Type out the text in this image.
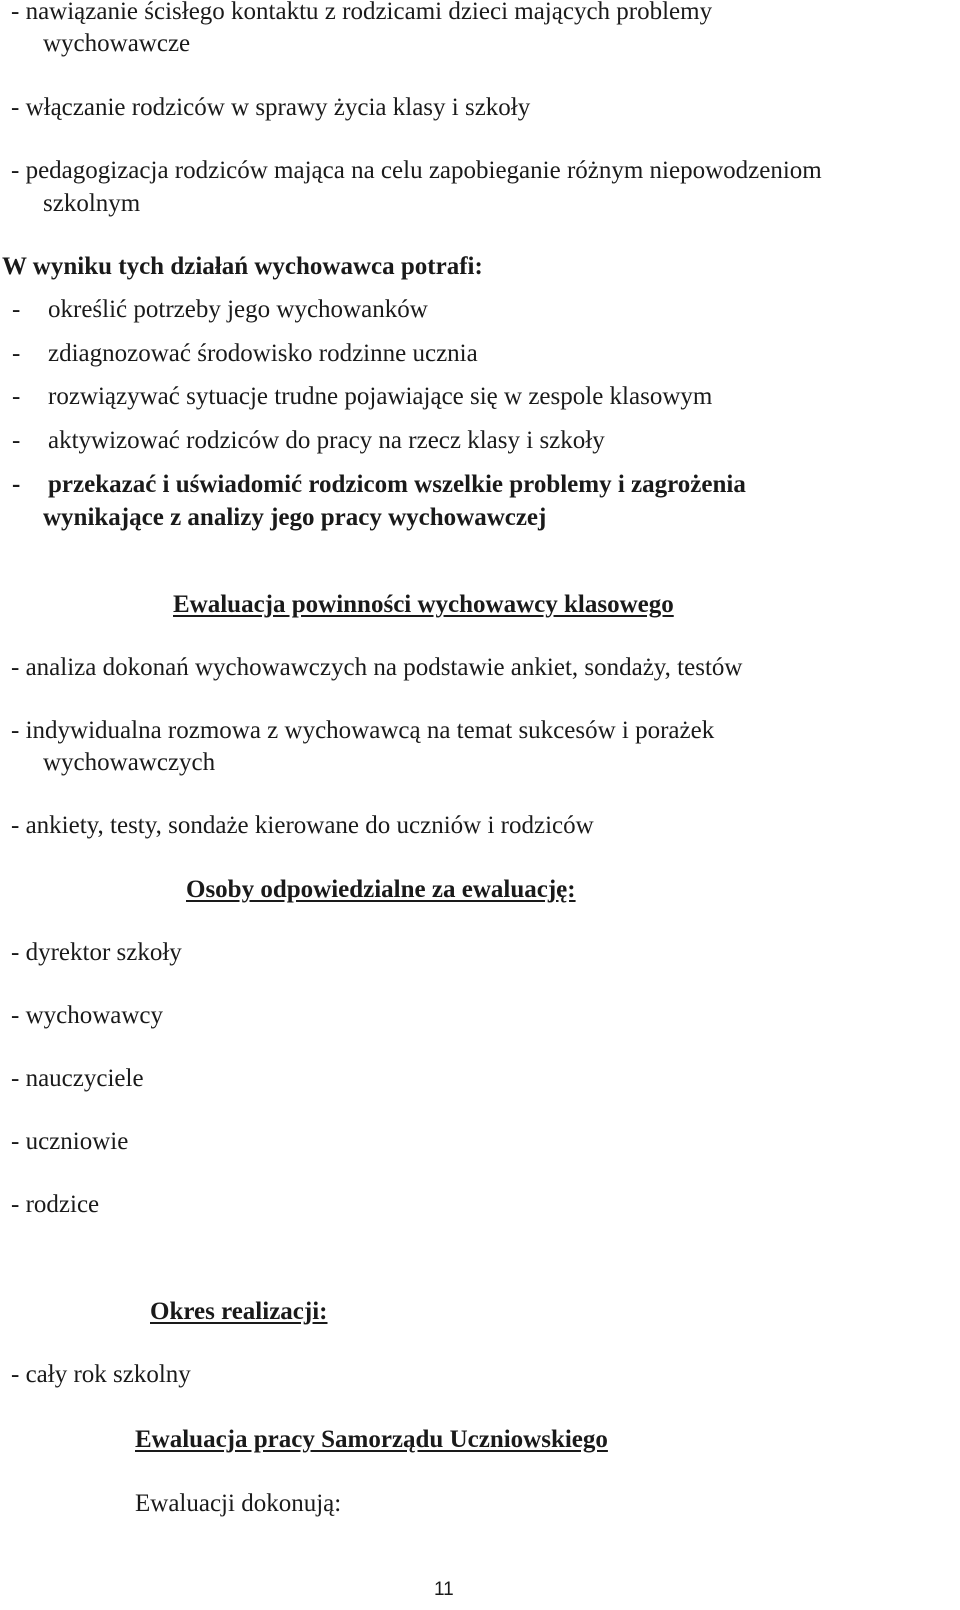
- nawiązanie ścisłego kontaktu z rodzicami dzieci mających problemy
wychowawcze
- włączanie rodziców w sprawy życia klasy i szkoły
- pedagogizacja rodziców mająca na celu zapobieganie różnym niepowodzeniom
szkolnym
W wyniku tych działań wychowawca potrafi:
- określić potrzeby jego wychowanków
- zdiagnozować środowisko rodzinne ucznia
- rozwiązywać sytuacje trudne pojawiające się w zespole klasowym
- aktywizować rodziców do pracy na rzecz klasy i szkoły
- przekazać i uświadomić rodzicom wszelkie problemy i zagrożenia
wynikające z analizy jego pracy wychowawczej
Ewaluacja powinności wychowawcy klasowego
- analiza dokonań wychowawczych na podstawie ankiet, sondaży, testów
- indywidualna rozmowa z wychowawcą na temat sukcesów i porażek
wychowawczych
- ankiety, testy, sondaże kierowane do uczniów i rodziców
Osoby odpowiedzialne za ewaluację:
- dyrektor szkoły
- wychowawcy
- nauczyciele
- uczniowie
- rodzice
Okres realizacji:
- cały rok szkolny
Ewaluacja pracy Samorządu Uczniowskiego
Ewaluacji dokonują:
11
